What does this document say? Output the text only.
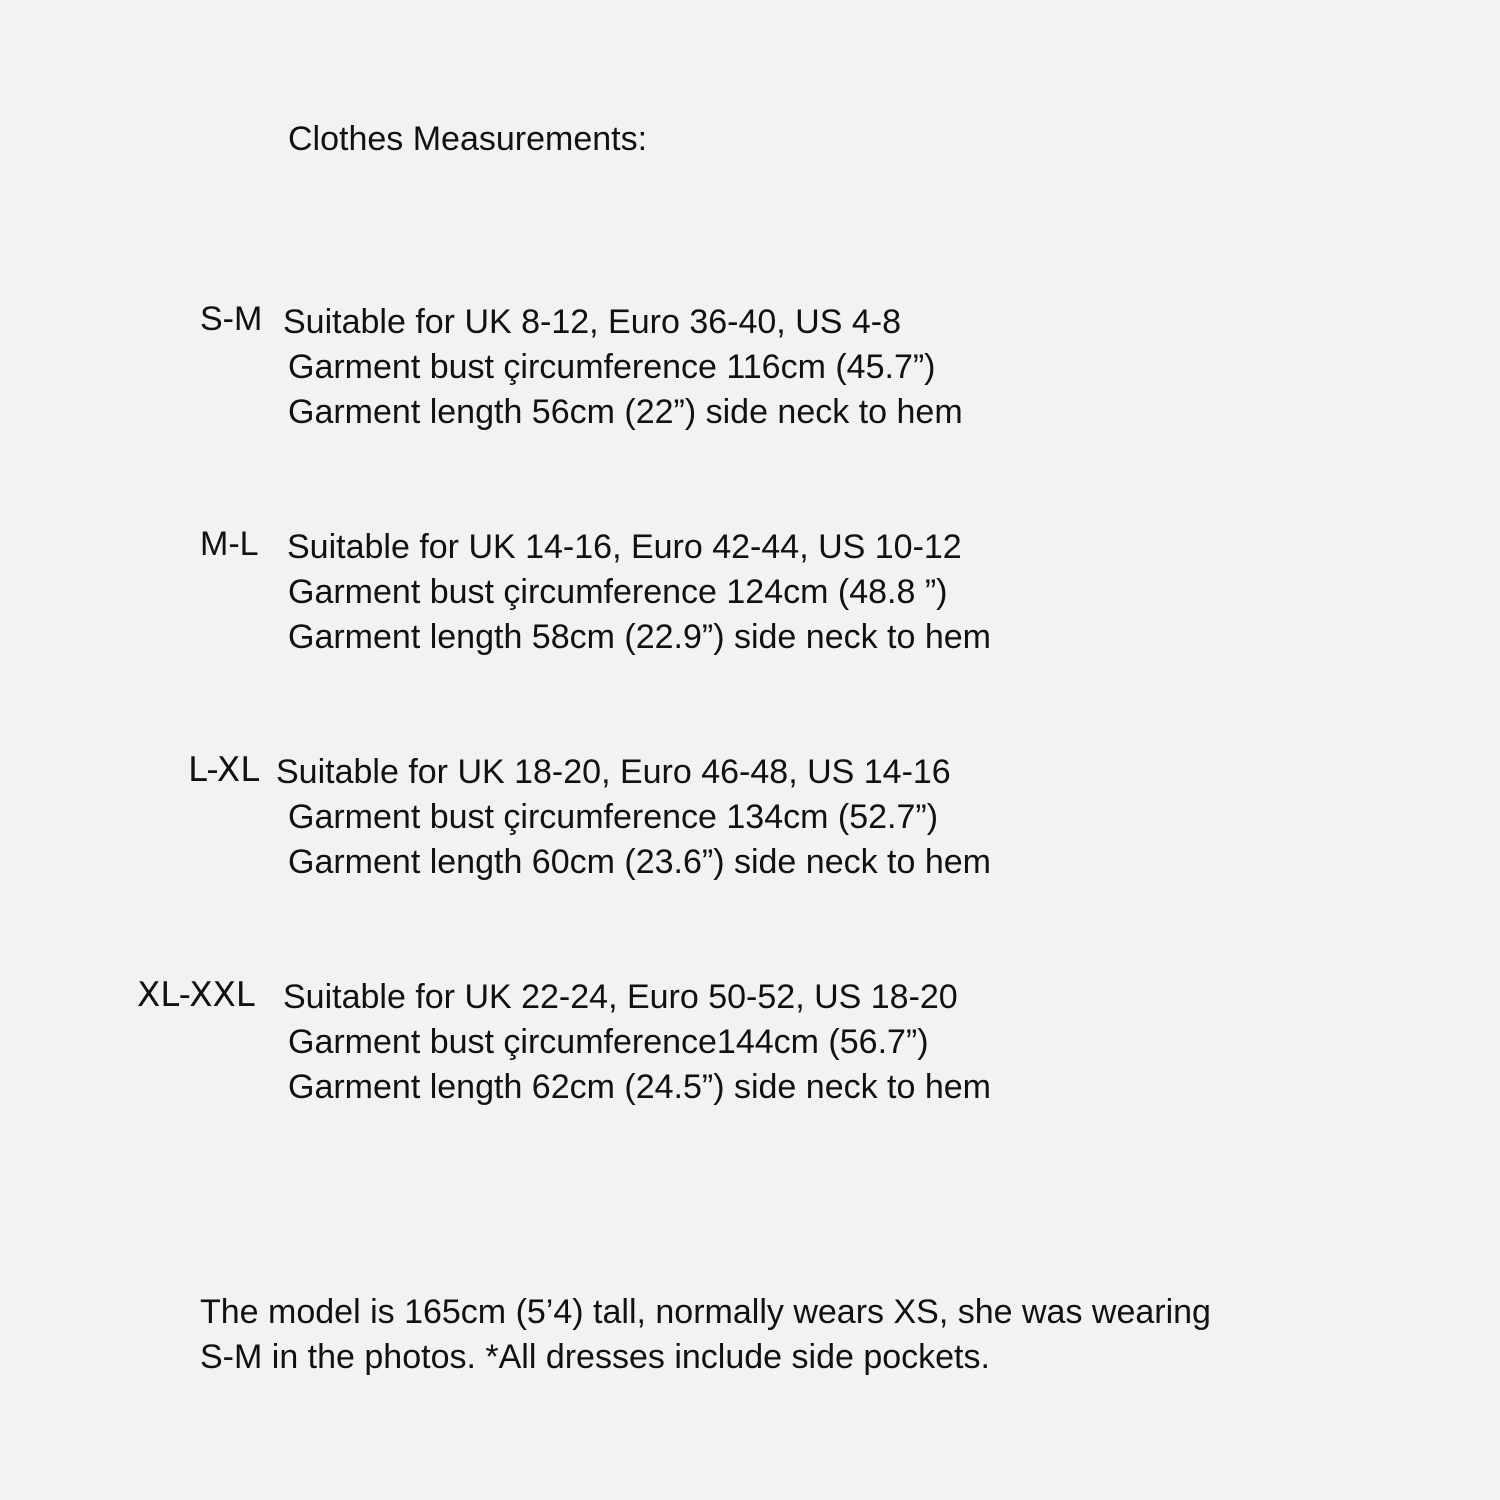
Clothes Measurements:
S-M Suitable for UK 8-12, Euro 36-40, US 4-8
Garment bust çircumference 116cm (45.7”)
Garment length 56cm (22”) side neck to hem
M-L Suitable for UK 14-16, Euro 42-44, US 10-12
Garment bust çircumference 124cm (48.8 ”)
Garment length 58cm (22.9”) side neck to hem
Suitable for UK 18-20, Euro 46-48, US 14-16
L-XL
Garment bust çircumference 134cm (52.7”)
Garment length 60cm (23.6”) side neck to hem
XL-XXL Suitable for UK 22-24, Euro 50-52, US 18-20
Garment bust çircumference144cm (56.7”)
Garment length 62cm (24.5”) side neck to hem
The model is 165cm (5’4) tall, normally wears XS, she was wearing
S-M in the photos. *All dresses include side pockets.
